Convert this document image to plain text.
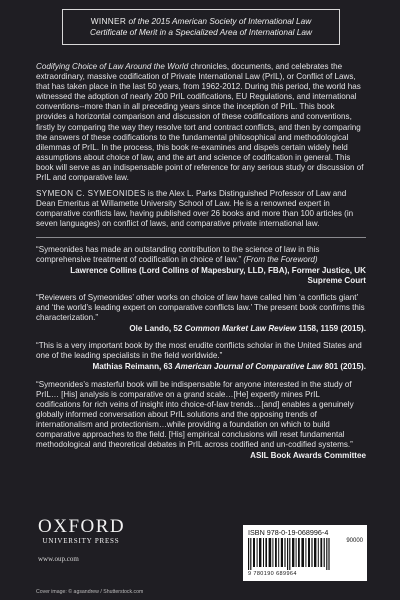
WINNER of the 2015 American Society of International Law
Certificate of Merit in a Specialized Area of International Law

Codifying Choice of Law Around the World chronicles, documents, and celebrates the extraordinary, massive codification of Private International Law (PrIL), or Conflict of Laws, that has taken place in the last 50 years, from 1962-2012. During this period, the world has witnessed the adoption of nearly 200 PrIL codifications, EU Regulations, and international conventions--more than in all preceding years since the inception of PrIL. This book provides a horizontal comparison and discussion of these codifications and conventions, firstly by comparing the way they resolve tort and contract conflicts, and then by comparing the answers of these codifications to the fundamental philosophical and methodological dilemmas of PrIL. In the process, this book re-examines and dispels certain widely held assumptions about choice of law, and the art and science of codification in general. This book will serve as an indispensable point of reference for any serious study or discussion of PrIL and comparative law.

SYMEON C. SYMEONIDES is the Alex L. Parks Distinguished Professor of Law and Dean Emeritus at Willamette University School of Law. He is a renowned expert in comparative conflicts law, having published over 26 books and more than 100 articles (in seven languages) on conflict of laws, and comparative private international law.

“Symeonides has made an outstanding contribution to the science of law in this comprehensive treatment of codification in choice of law.” (From the Foreword)
Lawrence Collins (Lord Collins of Mapesbury, LLD, FBA), Former Justice, UK Supreme Court
“Reviewers of Symeonides’ other works on choice of law have called him ‘a conflicts giant’ and ‘the world’s leading expert on comparative conflicts law.’ The present book confirms this characterization.”
Ole Lando, 52 Common Market Law Review 1158, 1159 (2015).
“This is a very important book by the most erudite conflicts scholar in the United States and one of the leading specialists in the field worldwide.”
Mathias Reimann, 63 American Journal of Comparative Law 801 (2015).
“Symeonides’s masterful book will be indispensable for anyone interested in the study of PrIL… [His] analysis is comparative on a grand scale…[He] expertly mines PrIL codifications for rich veins of insight into choice-of-law trends…[and] enables a genuinely globally informed conversation about PrIL solutions and the opposing trends of internationalism and protectionism…while providing a foundation on which to build comparative approaches to the field. [His] empirical conclusions will reset fundamental methodological and theoretical debates in PrIL across codified and un-codified systems.”
ASIL Book Awards Committee
OXFORD
UNIVERSITY PRESS
www.oup.com
Cover image: © agsandrew / Shutterstock.com
ISBN 978-0-19-068996-4
90000
9 780190 689964
